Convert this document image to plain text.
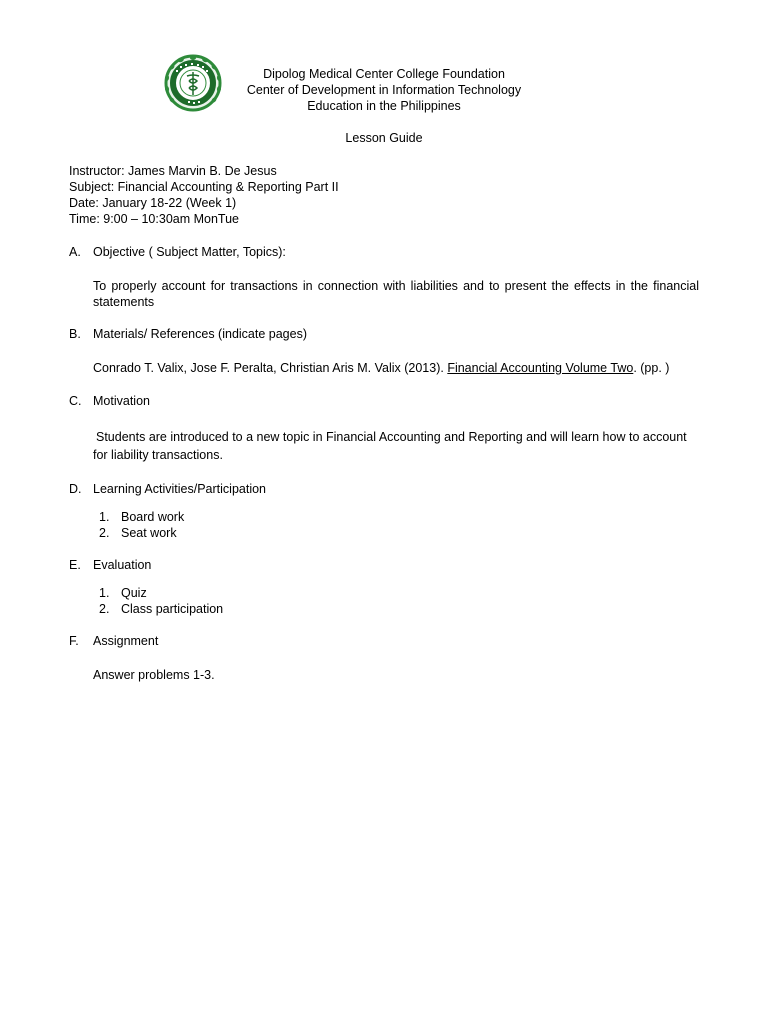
Dipolog Medical Center College Foundation
Center of Development in Information Technology
Education in the Philippines
Lesson Guide
Instructor: James Marvin B. De Jesus
Subject: Financial Accounting & Reporting Part II
Date: January 18-22 (Week 1)
Time: 9:00 – 10:30am MonTue
A. Objective ( Subject Matter, Topics):
To properly account for transactions in connection with liabilities and to present the effects in the financial statements
B. Materials/ References (indicate pages)
Conrado T. Valix, Jose F. Peralta, Christian Aris M. Valix (2013). Financial Accounting Volume Two. (pp. )
C. Motivation
Students are introduced to a new topic in Financial Accounting and Reporting and will learn how to account for liability transactions.
D. Learning Activities/Participation
1. Board work
2. Seat work
E. Evaluation
1. Quiz
2. Class participation
F. Assignment
Answer problems 1-3.
